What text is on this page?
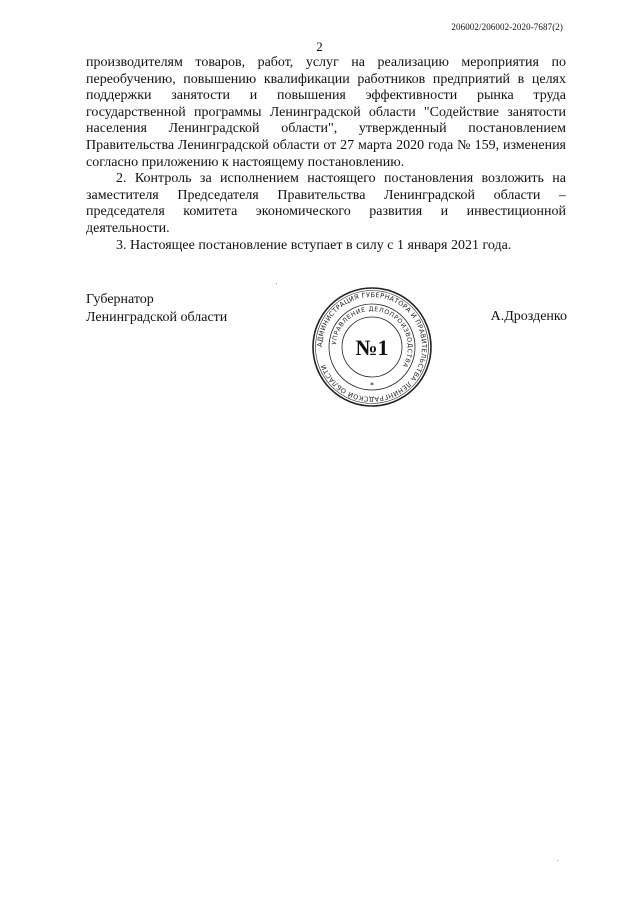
206002/206002-2020-7687(2)
2

производителям товаров, работ, услуг на реализацию мероприятия по переобучению, повышению квалификации работников предприятий в целях поддержки занятости и повышения эффективности рынка труда государственной программы Ленинградской области "Содействие занятости населения Ленинградской области", утвержденный постановлением Правительства Ленинградской области от 27 марта 2020 года № 159, изменения согласно приложению к настоящему постановлению.

2. Контроль за исполнением настоящего постановления возложить на заместителя Председателя Правительства Ленинградской области – председателя комитета экономического развития и инвестиционной деятельности.

3. Настоящее постановление вступает в силу с 1 января 2021 года.

Губернатор
Ленинградской области
АДМИНИСТРАЦИЯ ГУБЕРНАТОРА И ПРАВИТЕЛЬСТВА ЛЕНИНГРАДСКОЙ ОБЛАСТИ
УПРАВЛЕНИЕ ДЕЛОПРОИЗВОДСТВА
№1
*
А.Дрозденко
